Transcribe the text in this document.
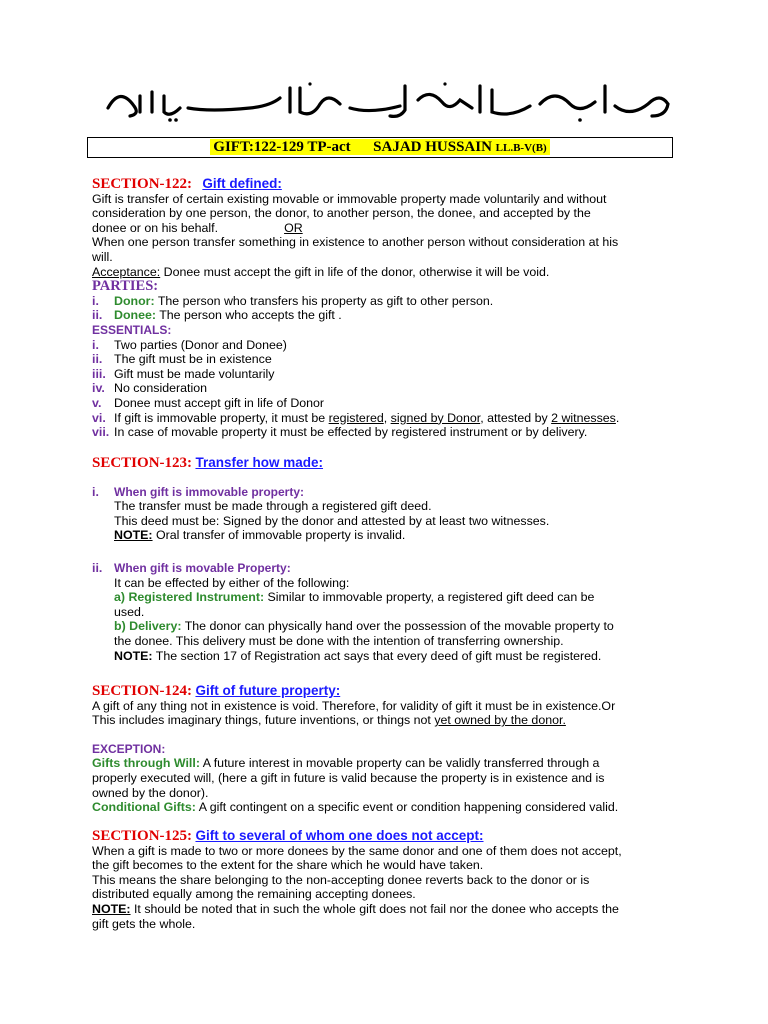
GIFT:122-129 TP-act SAJAD HUSSAIN LL.B-V(B)
SECTION-122: Gift defined:
Gift is transfer of certain existing movable or immovable property made voluntarily and without
consideration by one person, the donor, to another person, the donee, and accepted by the
donee or on his behalf.	OR
When one person transfer something in existence to another person without consideration at his
will.
Acceptance: Donee must accept the gift in life of the donor, otherwise it will be void.
PARTIES:
i. Donor: The person who transfers his property as gift to other person.
ii. Donee: The person who accepts the gift .
ESSENTIALS:
i. Two parties (Donor and Donee)
ii. The gift must be in existence
iii. Gift must be made voluntarily
iv. No consideration
v. Donee must accept gift in life of Donor
vi. If gift is immovable property, it must be registered, signed by Donor, attested by 2 witnesses.
vii. In case of movable property it must be effected by registered instrument or by delivery.
SECTION-123: Transfer how made:
i. When gift is immovable property:
The transfer must be made through a registered gift deed.
This deed must be: Signed by the donor and attested by at least two witnesses.
NOTE: Oral transfer of immovable property is invalid.
ii. When gift is movable Property:
It can be effected by either of the following:
a) Registered Instrument: Similar to immovable property, a registered gift deed can be
used.
b) Delivery: The donor can physically hand over the possession of the movable property to
the donee. This delivery must be done with the intention of transferring ownership.
NOTE: The section 17 of Registration act says that every deed of gift must be registered.
SECTION-124: Gift of future property:
A gift of any thing not in existence is void. Therefore, for validity of gift it must be in existence.Or
This includes imaginary things, future inventions, or things not yet owned by the donor.
EXCEPTION:
Gifts through Will: A future interest in movable property can be validly transferred through a
properly executed will, (here a gift in future is valid because the property is in existence and is
owned by the donor).
Conditional Gifts: A gift contingent on a specific event or condition happening considered valid.
SECTION-125: Gift to several of whom one does not accept:
When a gift is made to two or more donees by the same donor and one of them does not accept,
the gift becomes to the extent for the share which he would have taken.
This means the share belonging to the non-accepting donee reverts back to the donor or is
distributed equally among the remaining accepting donees.
NOTE: It should be noted that in such the whole gift does not fail nor the donee who accepts the
gift gets the whole.
